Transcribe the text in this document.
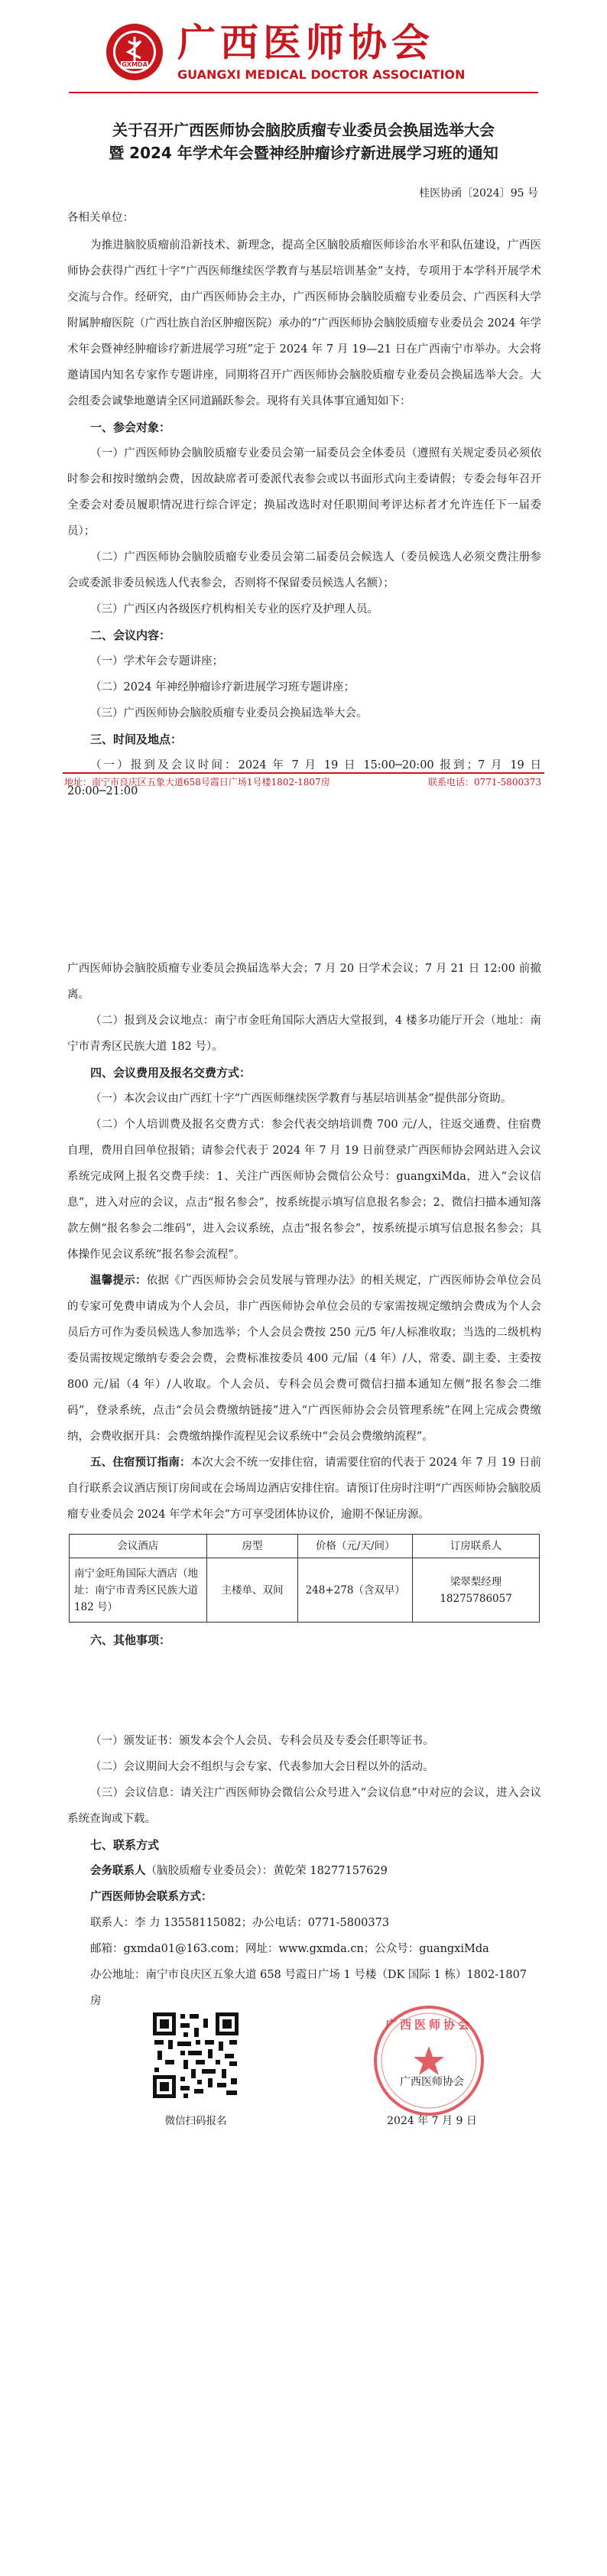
GXMDA 广西医师协会
GUANGXI MEDICAL DOCTOR ASSOCIATION
关于召开广西医师协会脑胶质瘤专业委员会换届选举大会
暨 2024 年学术年会暨神经肿瘤诊疗新进展学习班的通知
桂医协函〔2024〕95 号
各相关单位：

为推进脑胶质瘤前沿新技术、新理念，提高全区脑胶质瘤医师诊治水平和队伍建设，广西医师协会获得广西红十字“广西医师继续医学教育与基层培训基金”支持，专项用于本学科开展学术交流与合作。经研究，由广西医师协会主办，广西医师协会脑胶质瘤专业委员会、广西医科大学附属肿瘤医院（广西壮族自治区肿瘤医院）承办的“广西医师协会脑胶质瘤专业委员会 2024 年学术年会暨神经肿瘤诊疗新进展学习班”定于 2024 年 7 月 19—21 日在广西南宁市举办。大会将邀请国内知名专家作专题讲座，同期将召开广西医师协会脑胶质瘤专业委员会换届选举大会。大会组委会诚挚地邀请全区同道踊跃参会。现将有关具体事宜通知如下：

一、参会对象：

（一）广西医师协会脑胶质瘤专业委员会第一届委员会全体委员（遵照有关规定委员必须依时参会和按时缴纳会费，因故缺席者可委派代表参会或以书面形式向主委请假；专委会每年召开全委会对委员履职情况进行综合评定；换届改选时对任职期间考评达标者才允许连任下一届委员）；

（二）广西医师协会脑胶质瘤专业委员会第二届委员会候选人（委员候选人必须交费注册参会或委派非委员候选人代表参会，否则将不保留委员候选人名额）；

（三）广西区内各级医疗机构相关专业的医疗及护理人员。

二、会议内容：

（一）学术年会专题讲座；

（二）2024 年神经肿瘤诊疗新进展学习班专题讲座；

（三）广西医师协会脑胶质瘤专业委员会换届选举大会。

三、时间及地点：

（一）报到及会议时间：2024 年 7 月 19 日 15:00─20:00 报到；7 月 19 日 20:00─21:00

地址：南宁市良庆区五象大道658号霞日广场1号楼1802-1807房	联系电话：0771-5800373

广西医师协会脑胶质瘤专业委员会换届选举大会；7 月 20 日学术会议；7 月 21 日 12:00 前撤离。

（二）报到及会议地点：南宁市金旺角国际大酒店大堂报到，4 楼多功能厅开会（地址：南宁市青秀区民族大道 182 号）。

四、会议费用及报名交费方式：

（一）本次会议由广西红十字“广西医师继续医学教育与基层培训基金”提供部分资助。

（二）个人培训费及报名交费方式：参会代表交纳培训费 700 元/人，往返交通费、住宿费自理，费用自回单位报销；请参会代表于 2024 年 7 月 19 日前登录广西医师协会网站进入会议系统完成网上报名交费手续：1、关注广西医师协会微信公众号：guangxiMda，进入“会议信息”，进入对应的会议，点击“报名参会”，按系统提示填写信息报名参会；2、微信扫描本通知落款左侧“报名参会二维码”，进入会议系统，点击“报名参会”，按系统提示填写信息报名参会；具体操作见会议系统“报名参会流程”。

温馨提示：依据《广西医师协会会员发展与管理办法》的相关规定，广西医师协会单位会员的专家可免费申请成为个人会员，非广西医师协会单位会员的专家需按规定缴纳会费成为个人会员后方可作为委员候选人参加选举；个人会员会费按 250 元/5 年/人标准收取；当选的二级机构委员需按规定缴纳专委会会费，会费标准按委员 400 元/届（4 年）/人，常委、副主委、主委按 800 元/届（4 年）/人收取。个人会员、专科会员会费可微信扫描本通知左侧“报名参会二维码”，登录系统，点击“会员会费缴纳链接”进入“广西医师协会会员管理系统”在网上完成会费缴纳，会费收据开具：会费缴纳操作流程见会议系统中“会员会费缴纳流程”。

五、住宿预订指南：本次大会不统一安排住宿，请需要住宿的代表于 2024 年 7 月 19 日前自行联系会议酒店预订房间或在会场周边酒店安排住宿。请预订住房时注明“广西医师协会脑胶质瘤专业委员会 2024 年学术年会”方可享受团体协议价，逾期不保证房源。

会议酒店	房型	价格（元/天/间）	订房联系人
南宁金旺角国际大酒店（地址：南宁市青秀区民族大道 182 号）	主楼单、双间	248+278（含双早）	梁翠梨经理 18275786057
六、其他事项：

（一）颁发证书：颁发本会个人会员、专科会员及专委会任职等证书。

（二）会议期间大会不组织与会专家、代表参加大会日程以外的活动。

（三）会议信息：请关注广西医师协会微信公众号进入“会议信息”中对应的会议，进入会议系统查询或下载。

七、联系方式
会务联系人（脑胶质瘤专业委员会）：黄乾荣 18277157629
广西医师协会联系方式：
联系人：李 力 13558115082；办公电话：0771-5800373
邮箱：gxmda01@163.com；网址：www.gxmda.cn；公众号：guangxiMda
办公地址：南宁市良庆区五象大道 658 号霞日广场 1 号楼（DK 国际 1 栋）1802-1807 房
微信扫码报名
广西医师协会
广西医师协会
2024 年 7 月 9 日
